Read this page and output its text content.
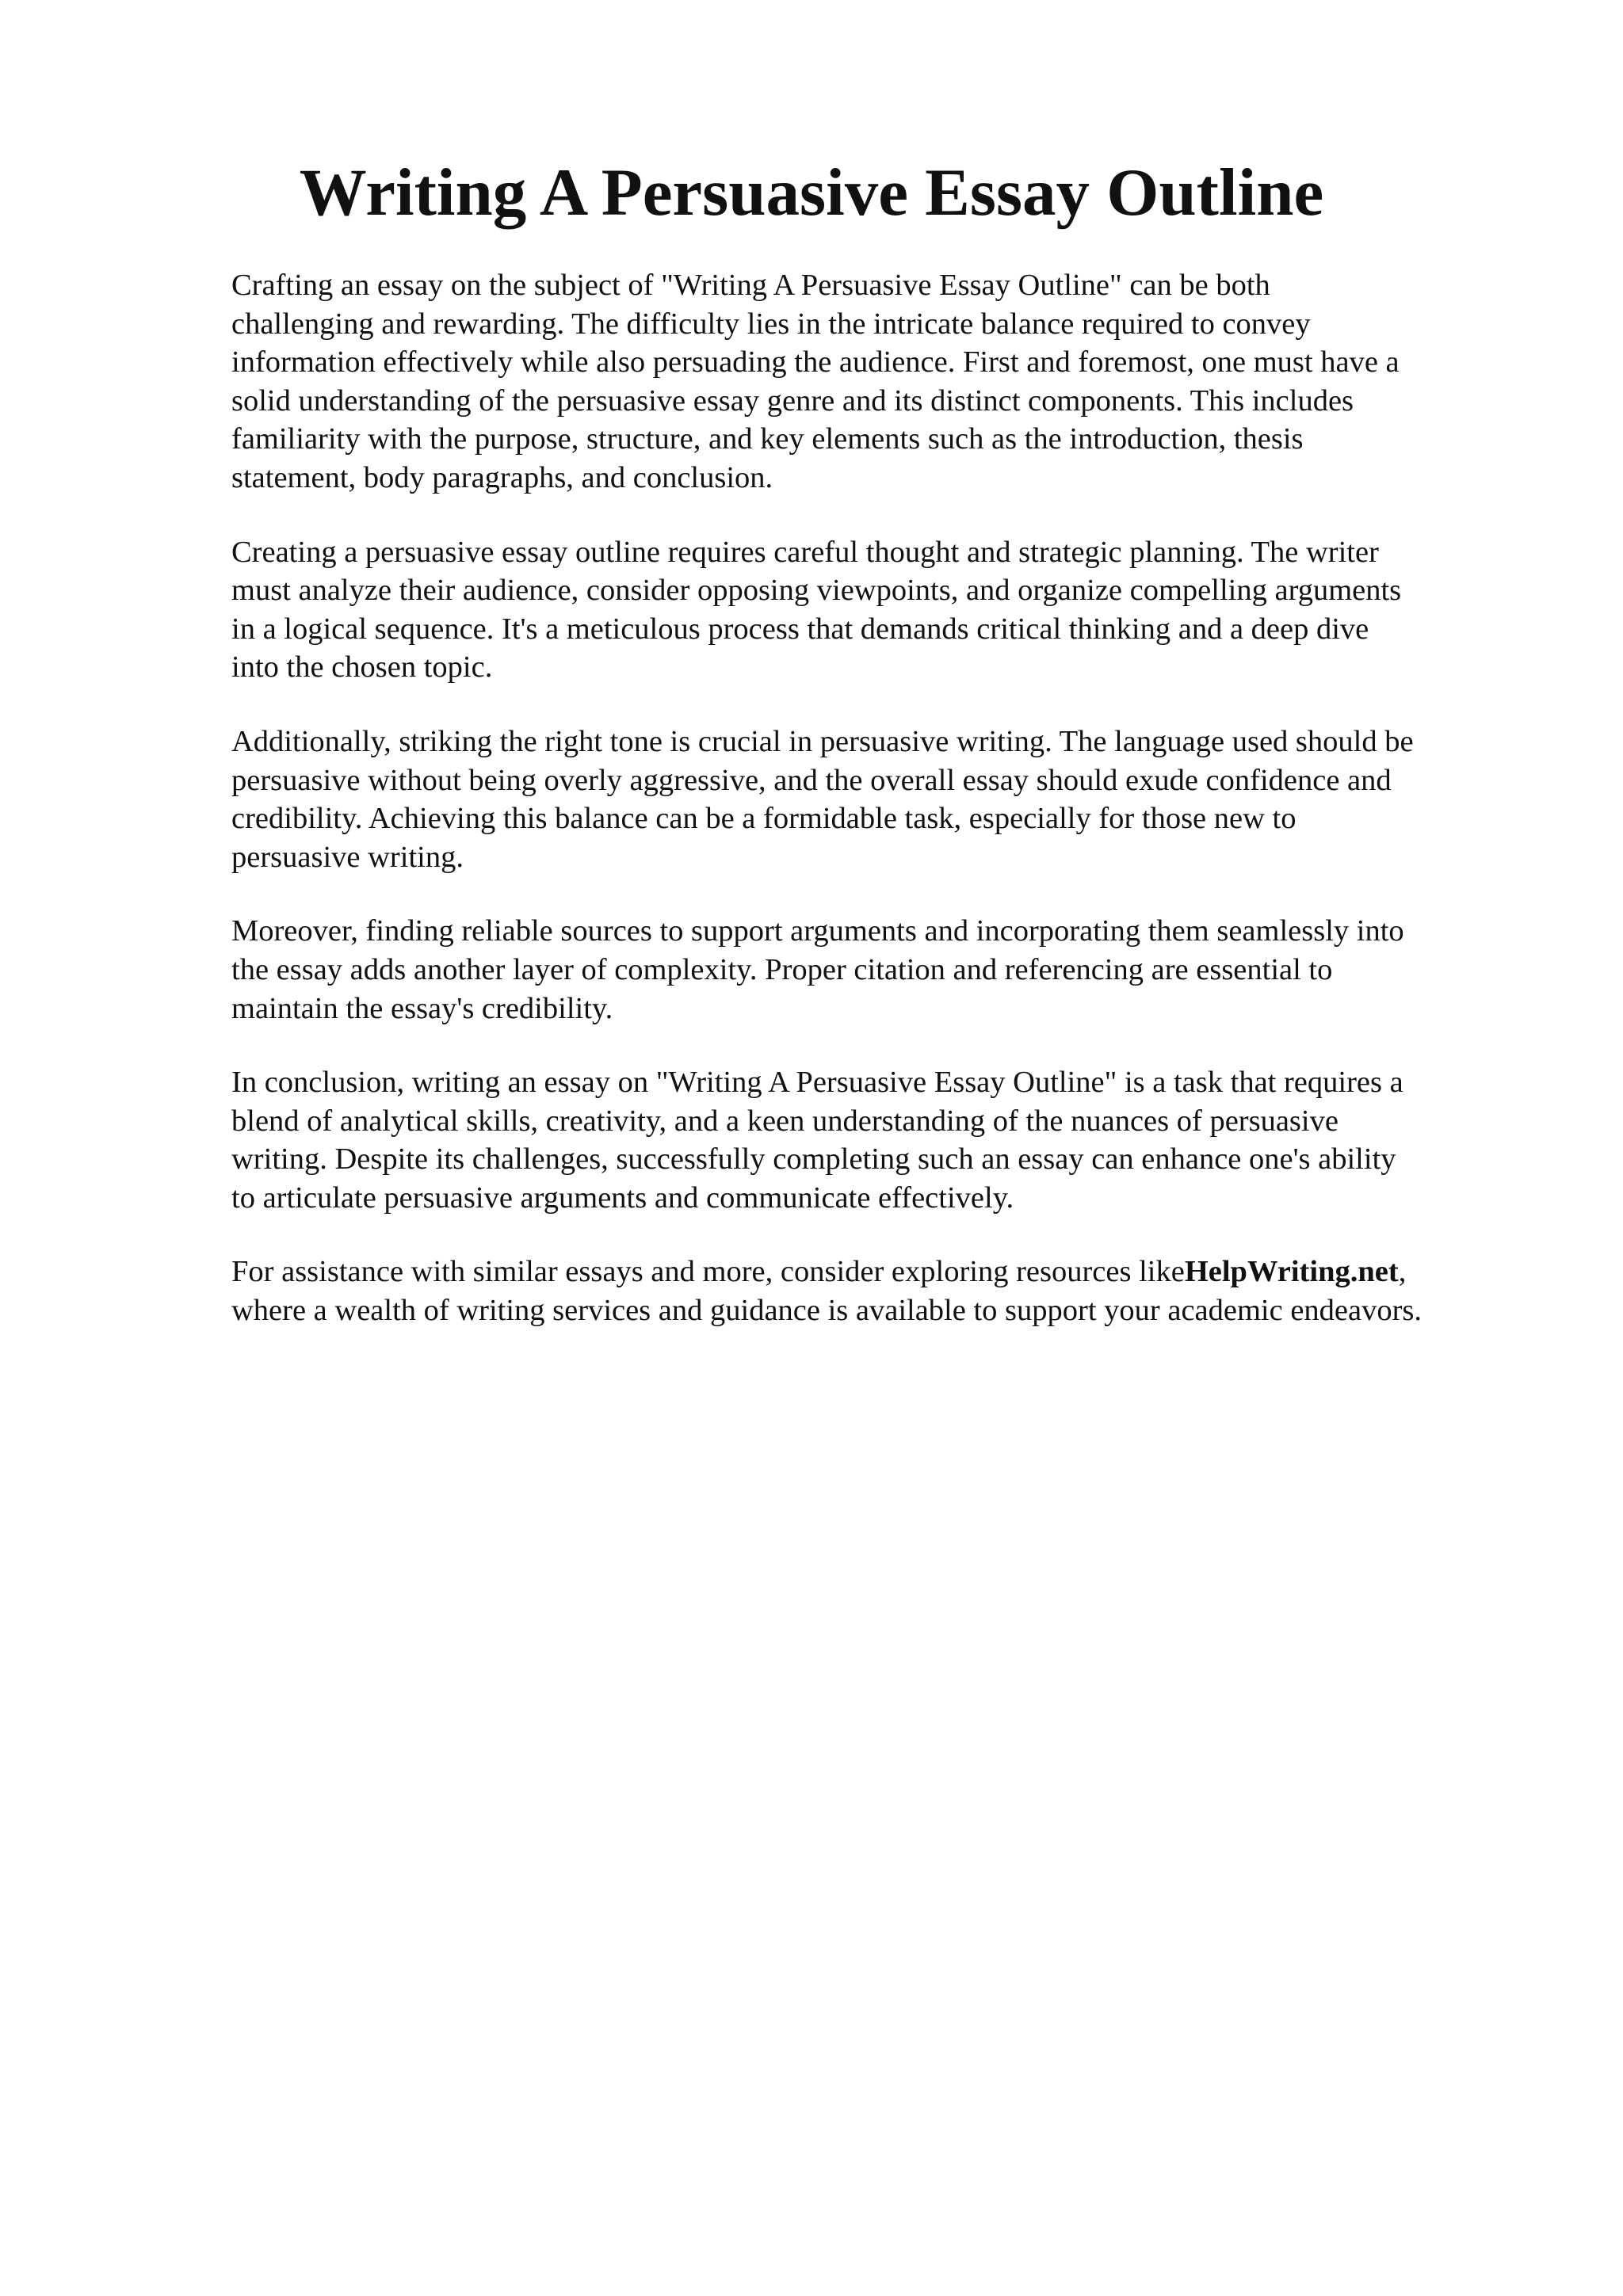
Writing A Persuasive Essay Outline

Crafting an essay on the subject of "Writing A Persuasive Essay Outline" can be both
challenging and rewarding. The difficulty lies in the intricate balance required to convey
information effectively while also persuading the audience. First and foremost, one must have a
solid understanding of the persuasive essay genre and its distinct components. This includes
familiarity with the purpose, structure, and key elements such as the introduction, thesis
statement, body paragraphs, and conclusion.

Creating a persuasive essay outline requires careful thought and strategic planning. The writer
must analyze their audience, consider opposing viewpoints, and organize compelling arguments
in a logical sequence. It's a meticulous process that demands critical thinking and a deep dive
into the chosen topic.

Additionally, striking the right tone is crucial in persuasive writing. The language used should be
persuasive without being overly aggressive, and the overall essay should exude confidence and
credibility. Achieving this balance can be a formidable task, especially for those new to
persuasive writing.

Moreover, finding reliable sources to support arguments and incorporating them seamlessly into
the essay adds another layer of complexity. Proper citation and referencing are essential to
maintain the essay's credibility.

In conclusion, writing an essay on "Writing A Persuasive Essay Outline" is a task that requires a
blend of analytical skills, creativity, and a keen understanding of the nuances of persuasive
writing. Despite its challenges, successfully completing such an essay can enhance one's ability
to articulate persuasive arguments and communicate effectively.

For assistance with similar essays and more, consider exploring resources likeHelpWriting.net,
where a wealth of writing services and guidance is available to support your academic endeavors.
